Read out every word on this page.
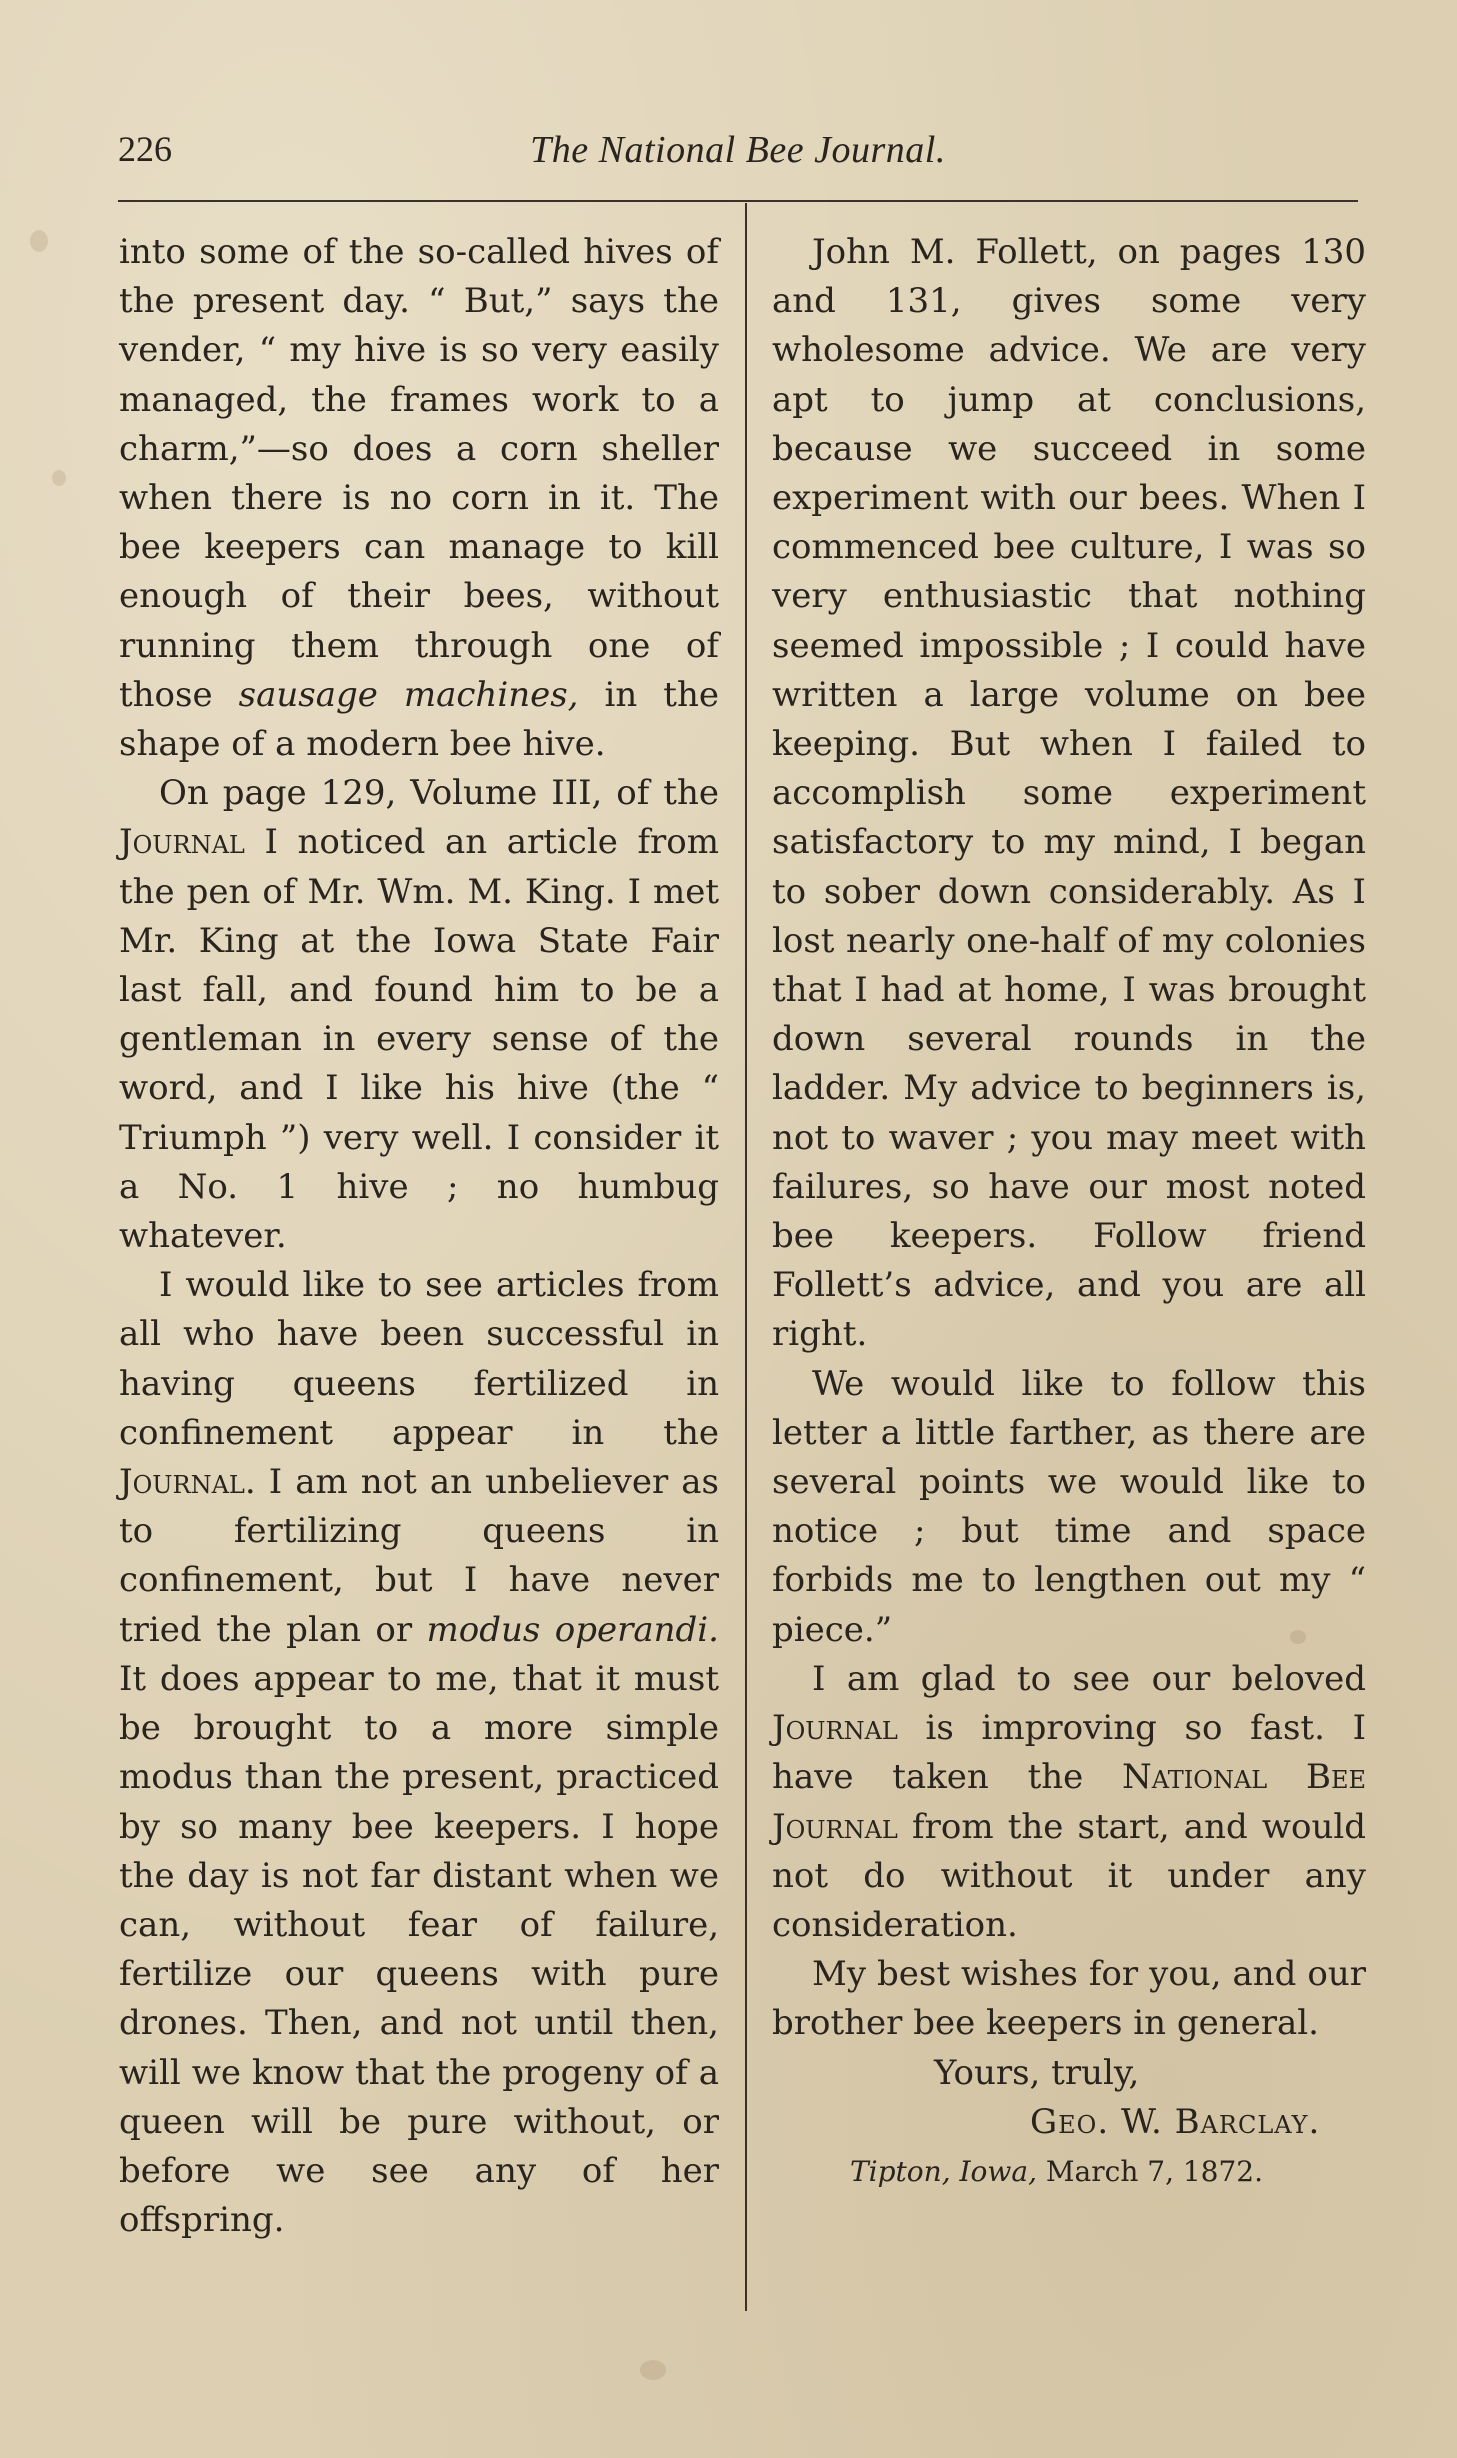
The National Bee Journal.
226

into some of the so-called hives of the present day. “ But,” says the vender, “ my hive is so very easily managed, the frames work to a charm,”—so does a corn sheller when there is no corn in it. The bee keepers can manage to kill enough of their bees, without running them through one of those sausage machines, in the shape of a modern bee hive.

On page 129, Volume III, of the Journal I noticed an article from the pen of Mr. Wm. M. King. I met Mr. King at the Iowa State Fair last fall, and found him to be a gentleman in every sense of the word, and I like his hive (the “ Triumph ”) very well. I consider it a No. 1 hive ; no humbug whatever.

I would like to see articles from all who have been successful in having queens fertilized in confinement appear in the Journal. I am not an unbeliever as to fertilizing queens in confinement, but I have never tried the plan or modus operandi. It does appear to me, that it must be brought to a more simple modus than the present, practiced by so many bee keepers. I hope the day is not far distant when we can, without fear of failure, fertilize our queens with pure drones. Then, and not until then, will we know that the progeny of a queen will be pure without, or before we see any of her offspring.

John M. Follett, on pages 130 and 131, gives some very wholesome advice. We are very apt to jump at conclusions, because we succeed in some experiment with our bees. When I commenced bee culture, I was so very enthusiastic that nothing seemed impossible ; I could have written a large volume on bee keeping. But when I failed to accomplish some experiment satisfactory to my mind, I began to sober down considerably. As I lost nearly one-half of my colonies that I had at home, I was brought down several rounds in the ladder. My advice to beginners is, not to waver ; you may meet with failures, so have our most noted bee keepers. Follow friend Follett’s advice, and you are all right.

We would like to follow this letter a little farther, as there are several points we would like to notice ; but time and space forbids me to lengthen out my “ piece.”

I am glad to see our beloved Journal is improving so fast. I have taken the National Bee Journal from the start, and would not do without it under any consideration.

My best wishes for you, and our brother bee keepers in general.

Yours, truly,

Geo. W. Barclay.

Tipton, Iowa, March 7, 1872.
